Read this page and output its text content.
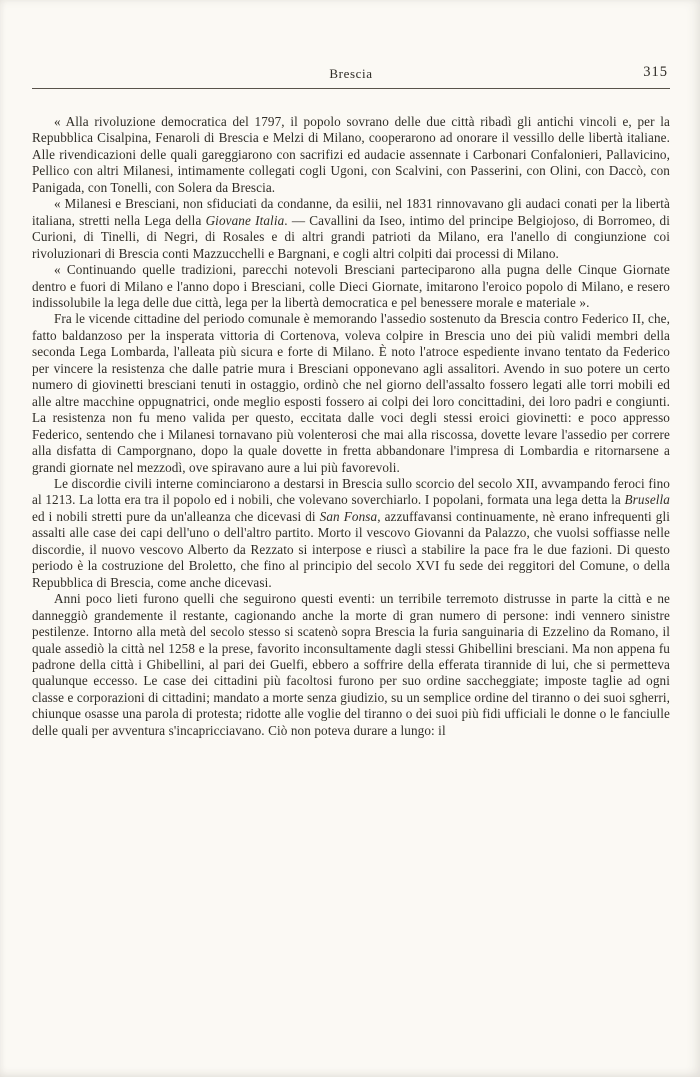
Brescia	315

« Alla rivoluzione democratica del 1797, il popolo sovrano delle due città ribadì gli antichi vincoli e, per la Repubblica Cisalpina, Fenaroli di Brescia e Melzi di Milano, cooperarono ad onorare il vessillo delle libertà italiane. Alle rivendicazioni delle quali gareggiarono con sacrifizi ed audacie assennate i Carbonari Confalonieri, Pallavicino, Pellico con altri Milanesi, intimamente collegati cogli Ugoni, con Scalvini, con Passerini, con Olini, con Daccò, con Panigada, con Tonelli, con Solera da Brescia.

« Milanesi e Bresciani, non sfiduciati da condanne, da esilii, nel 1831 rinnovavano gli audaci conati per la libertà italiana, stretti nella Lega della Giovane Italia. — Cavallini da Iseo, intimo del principe Belgiojoso, di Borromeo, di Curioni, di Tinelli, di Negri, di Rosales e di altri grandi patrioti da Milano, era l'anello di congiunzione coi rivoluzionari di Brescia conti Mazzucchelli e Bargnani, e cogli altri colpiti dai processi di Milano.

« Continuando quelle tradizioni, parecchi notevoli Bresciani parteciparono alla pugna delle Cinque Giornate dentro e fuori di Milano e l'anno dopo i Bresciani, colle Dieci Giornate, imitarono l'eroico popolo di Milano, e resero indissolubile la lega delle due città, lega per la libertà democratica e pel benessere morale e materiale ».

Fra le vicende cittadine del periodo comunale è memorando l'assedio sostenuto da Brescia contro Federico II, che, fatto baldanzoso per la insperata vittoria di Cortenova, voleva colpire in Brescia uno dei più validi membri della seconda Lega Lombarda, l'alleata più sicura e forte di Milano. È noto l'atroce espediente invano tentato da Federico per vincere la resistenza che dalle patrie mura i Bresciani opponevano agli assalitori. Avendo in suo potere un certo numero di giovinetti bresciani tenuti in ostaggio, ordinò che nel giorno dell'assalto fossero legati alle torri mobili ed alle altre macchine oppugnatrici, onde meglio esposti fossero ai colpi dei loro concittadini, dei loro padri e congiunti. La resistenza non fu meno valida per questo, eccitata dalle voci degli stessi eroici giovinetti: e poco appresso Federico, sentendo che i Milanesi tornavano più volenterosi che mai alla riscossa, dovette levare l'assedio per correre alla disfatta di Camporgnano, dopo la quale dovette in fretta abbandonare l'impresa di Lombardia e ritornarsene a grandi giornate nel mezzodì, ove spiravano aure a lui più favorevoli.

Le discordie civili interne cominciarono a destarsi in Brescia sullo scorcio del secolo XII, avvampando feroci fino al 1213. La lotta era tra il popolo ed i nobili, che volevano soverchiarlo. I popolani, formata una lega detta la Brusella ed i nobili stretti pure da un'alleanza che dicevasi di San Fonsa, azzuffavansi continuamente, nè erano infrequenti gli assalti alle case dei capi dell'uno o dell'altro partito. Morto il vescovo Giovanni da Palazzo, che vuolsi soffiasse nelle discordie, il nuovo vescovo Alberto da Rezzato si interpose e riuscì a stabilire la pace fra le due fazioni. Di questo periodo è la costruzione del Broletto, che fino al principio del secolo XVI fu sede dei reggitori del Comune, o della Repubblica di Brescia, come anche dicevasi.

Anni poco lieti furono quelli che seguirono questi eventi: un terribile terremoto distrusse in parte la città e ne danneggiò grandemente il restante, cagionando anche la morte di gran numero di persone: indi vennero sinistre pestilenze. Intorno alla metà del secolo stesso si scatenò sopra Brescia la furia sanguinaria di Ezzelino da Romano, il quale assediò la città nel 1258 e la prese, favorito inconsultamente dagli stessi Ghibellini bresciani. Ma non appena fu padrone della città i Ghibellini, al pari dei Guelfi, ebbero a soffrire della efferata tirannide di lui, che si permetteva qualunque eccesso. Le case dei cittadini più facoltosi furono per suo ordine saccheggiate; imposte taglie ad ogni classe e corporazioni di cittadini; mandato a morte senza giudizio, su un semplice ordine del tiranno o dei suoi sgherri, chiunque osasse una parola di protesta; ridotte alle voglie del tiranno o dei suoi più fidi ufficiali le donne o le fanciulle delle quali per avventura s'incapricciavano. Ciò non poteva durare a lungo: il
